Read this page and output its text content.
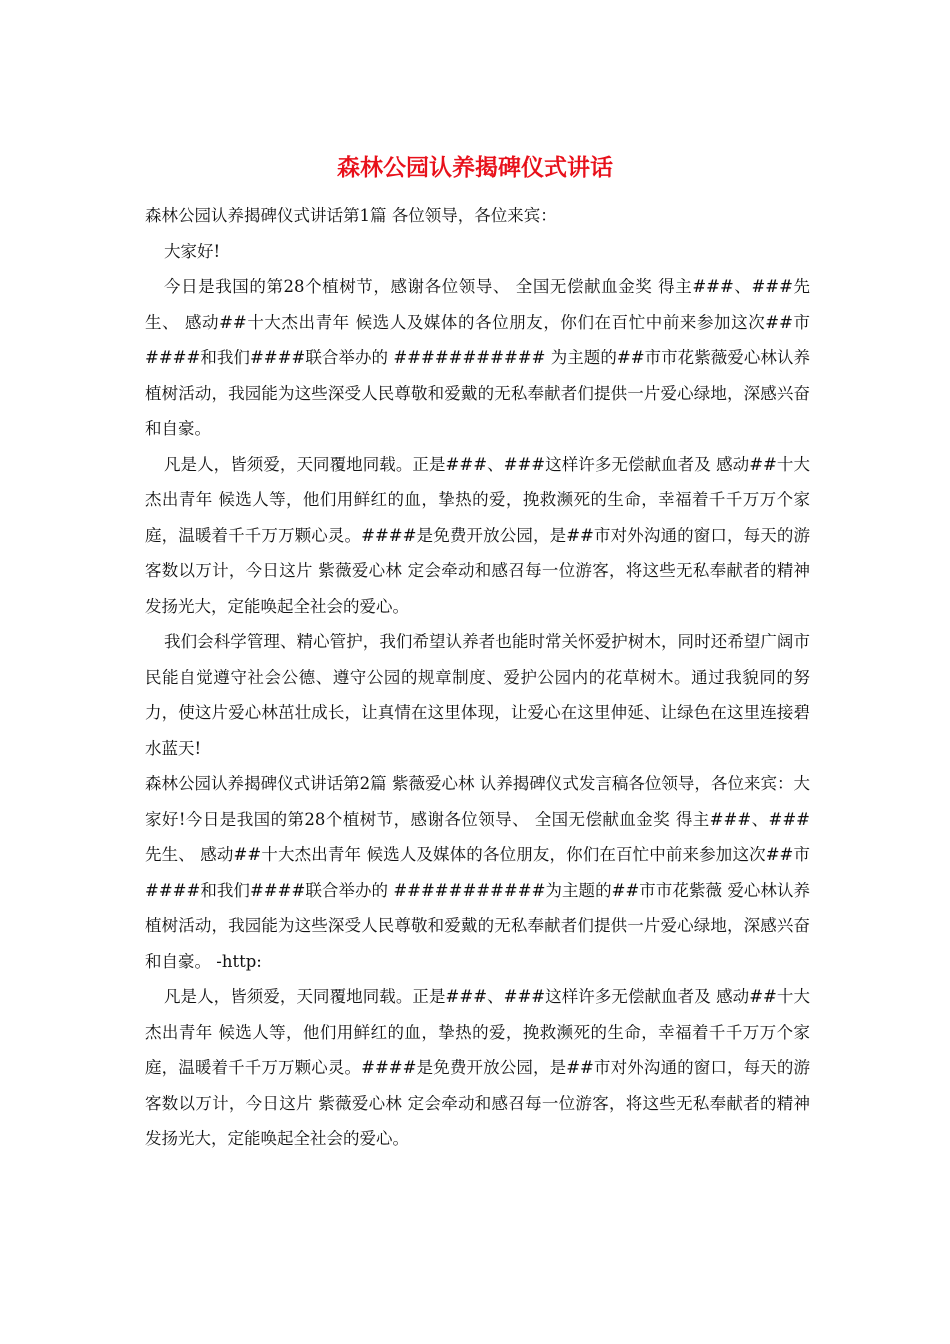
森林公园认养揭碑仪式讲话

森林公园认养揭碑仪式讲话第1篇 各位领导，各位来宾：

大家好!

今日是我国的第28个植树节，感谢各位领导、 全国无偿献血金奖 得主###、###先生、 感动##十大杰出青年 候选人及媒体的各位朋友，你们在百忙中前来参加这次##市####和我们####联合举办的 ########### 为主题的##市市花紫薇爱心林认养 植树活动，我园能为这些深受人民尊敬和爱戴的无私奉献者们提供一片爱心绿地，深感兴奋和自豪。

凡是人，皆须爱，天同覆地同载。正是###、###这样许多无偿献血者及 感动##十大杰出青年 候选人等，他们用鲜红的血，挚热的爱，挽救濒死的生命，幸福着千千万万个家庭，温暖着千千万万颗心灵。####是免费开放公园，是##市对外沟通的窗口，每天的游客数以万计，今日这片 紫薇爱心林 定会牵动和感召每一位游客，将这些无私奉献者的精神发扬光大，定能唤起全社会的爱心。

我们会科学管理、精心管护，我们希望认养者也能时常关怀爱护树木，同时还希望广阔市民能自觉遵守社会公德、遵守公园的规章制度、爱护公园内的花草树木。通过我貌同的努力，使这片爱心林茁壮成长，让真情在这里体现，让爱心在这里伸延、让绿色在这里连接碧水蓝天!

森林公园认养揭碑仪式讲话第2篇 紫薇爱心林 认养揭碑仪式发言稿各位领导，各位来宾：大家好!今日是我国的第28个植树节，感谢各位领导、 全国无偿献血金奖 得主###、###先生、 感动##十大杰出青年 候选人及媒体的各位朋友，你们在百忙中前来参加这次##市####和我们####联合举办的 ###########为主题的##市市花紫薇 爱心林认养 植树活动，我园能为这些深受人民尊敬和爱戴的无私奉献者们提供一片爱心绿地，深感兴奋和自豪。 -http:

凡是人，皆须爱，天同覆地同载。正是###、###这样许多无偿献血者及 感动##十大杰出青年 候选人等，他们用鲜红的血，挚热的爱，挽救濒死的生命，幸福着千千万万个家庭，温暖着千千万万颗心灵。####是免费开放公园，是##市对外沟通的窗口，每天的游客数以万计，今日这片 紫薇爱心林 定会牵动和感召每一位游客，将这些无私奉献者的精神发扬光大，定能唤起全社会的爱心。
